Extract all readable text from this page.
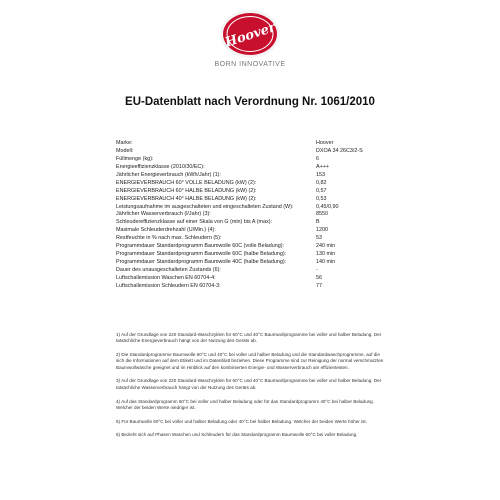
Hoover
BORN INNOVATIVE
EU-Datenblatt nach Verordnung Nr. 1061/2010
Marke:	Hoover
Modell:	DXOA 34 26C3/2-S
Füllmenge (kg):	6
Energieeffizienzklasse (2010/30/EC):	A+++
Jährlicher Energieverbrauch (kWh/Jahr) (1):	153
ENERGIEVERBRAUCH 60° VOLLE BELADUNG (kW) (2):	0,82
ENERGIEVERBRAUCH 60° HALBE BELADUNG (kW) (2):	0,57
ENERGIEVERBRAUCH 40° HALBE BELADUNG (kW) (2):	0,53
Leistungsaufnahme im ausgeschalteten und eingeschalteten Zustand (W):	0,45/0,90
Jährlicher Wasserverbrauch (l/Jahr) (3):	8550
Schleudereffizienzklasse auf einer Skala von G (min) bis A (max):	B
Maximale Schleuderdrehzahl (U/Min.) (4):	1200
Restfeuchte in % nach max. Schleudern (5):	53
Programmdauer Standardprogramm Baumwolle 60C (volle Beladung):	240 min
Programmdauer Standardprogramm Baumwolle 60C (halbe Beladung):	130 min
Programmdauer Standardprogramm Baumwolle 40C (halbe Beladung):	140 min
Dauer des unausgeschalteten Zustands (6):	-
Luftschallemission Waschen EN 60704-4:	56
Luftschallemission Schleudern EN 60704-3:	77

1) Auf der Grundlage von 220 Standard-Waschzyklen für 60°C und 40°C Baumwollprogramme bei voller und halber Beladung. Der tatsächliche Energieverbrauch hängt von der Nutzung des Geräts ab.

2) Die Standardprogramme Baumwolle 60°C und 40°C bei voller und halber Beladung und die Standardwaschprogramme, auf die sich die Informationen auf dem Etikett und im Datenblatt beziehen. Diese Programme sind zur Reinigung der normal verschmutzten Baumwollwäsche geeignet und im Hinblick auf den kombinierten Energie- und Wasserverbrauch am effizientesten.

3) Auf der Grundlage von 220 Standard-Waschzyklen für 60°C und 40°C Baumwollprogramme bei voller und halber Beladung. Der tatsächliche Wasserverbrauch hängt von der Nutzung des Geräts ab.

4) Auf das Standardprogramm 60°C bei voller und halber Beladung oder für das Standardprogramm 40°C bei halber Beladung. Welcher der beiden Werte niedriger ist.

5) Für Baumwolle 60°C bei voller und halber Beladung oder 40°C bei halber Beladung. Welcher der beiden Werte höher ist.

6) Bezieht sich auf Phasen Waschen und Schleudern für das Standardprogramm Baumwolle 60°C bei voller Beladung.
